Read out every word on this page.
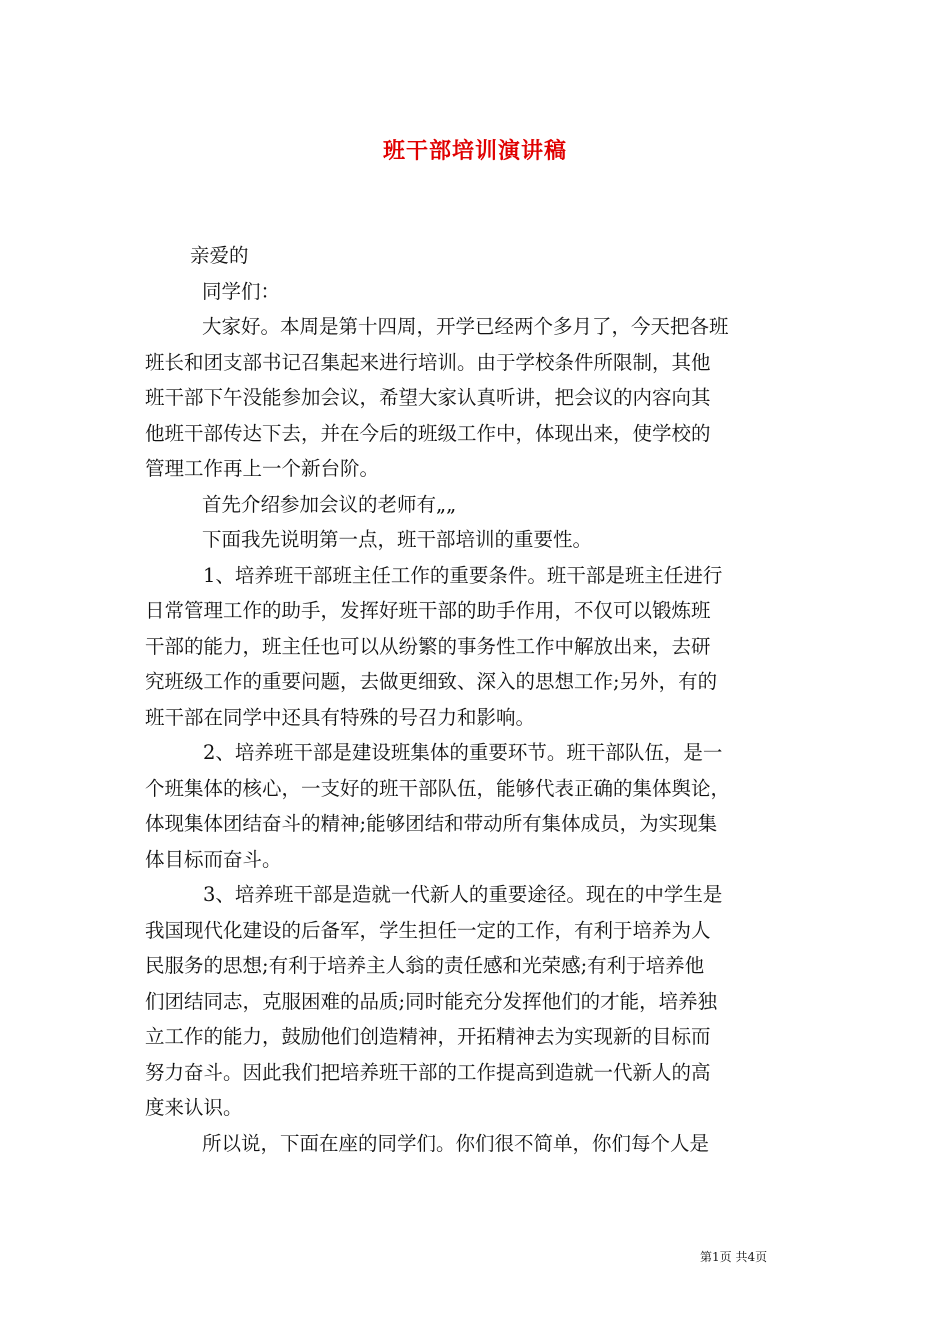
班干部培训演讲稿
亲爱的
同学们：
大家好。本周是第十四周，开学已经两个多月了，今天把各班
班长和团支部书记召集起来进行培训。由于学校条件所限制，其他
班干部下午没能参加会议，希望大家认真听讲，把会议的内容向其
他班干部传达下去，并在今后的班级工作中，体现出来，使学校的
管理工作再上一个新台阶。
首先介绍参加会议的老师有„„
下面我先说明第一点，班干部培训的重要性。
1、培养班干部班主任工作的重要条件。班干部是班主任进行
日常管理工作的助手，发挥好班干部的助手作用，不仅可以锻炼班
干部的能力，班主任也可以从纷繁的事务性工作中解放出来，去研
究班级工作的重要问题，去做更细致、深入的思想工作;另外，有的
班干部在同学中还具有特殊的号召力和影响。
2、培养班干部是建设班集体的重要环节。班干部队伍，是一
个班集体的核心，一支好的班干部队伍，能够代表正确的集体舆论，
体现集体团结奋斗的精神;能够团结和带动所有集体成员，为实现集
体目标而奋斗。
3、培养班干部是造就一代新人的重要途径。现在的中学生是
我国现代化建设的后备军，学生担任一定的工作，有利于培养为人
民服务的思想;有利于培养主人翁的责任感和光荣感;有利于培养他
们团结同志，克服困难的品质;同时能充分发挥他们的才能，培养独
立工作的能力，鼓励他们创造精神，开拓精神去为实现新的目标而
努力奋斗。因此我们把培养班干部的工作提高到造就一代新人的高
度来认识。
所以说，下面在座的同学们。你们很不简单，你们每个人是
第1页 共4页
